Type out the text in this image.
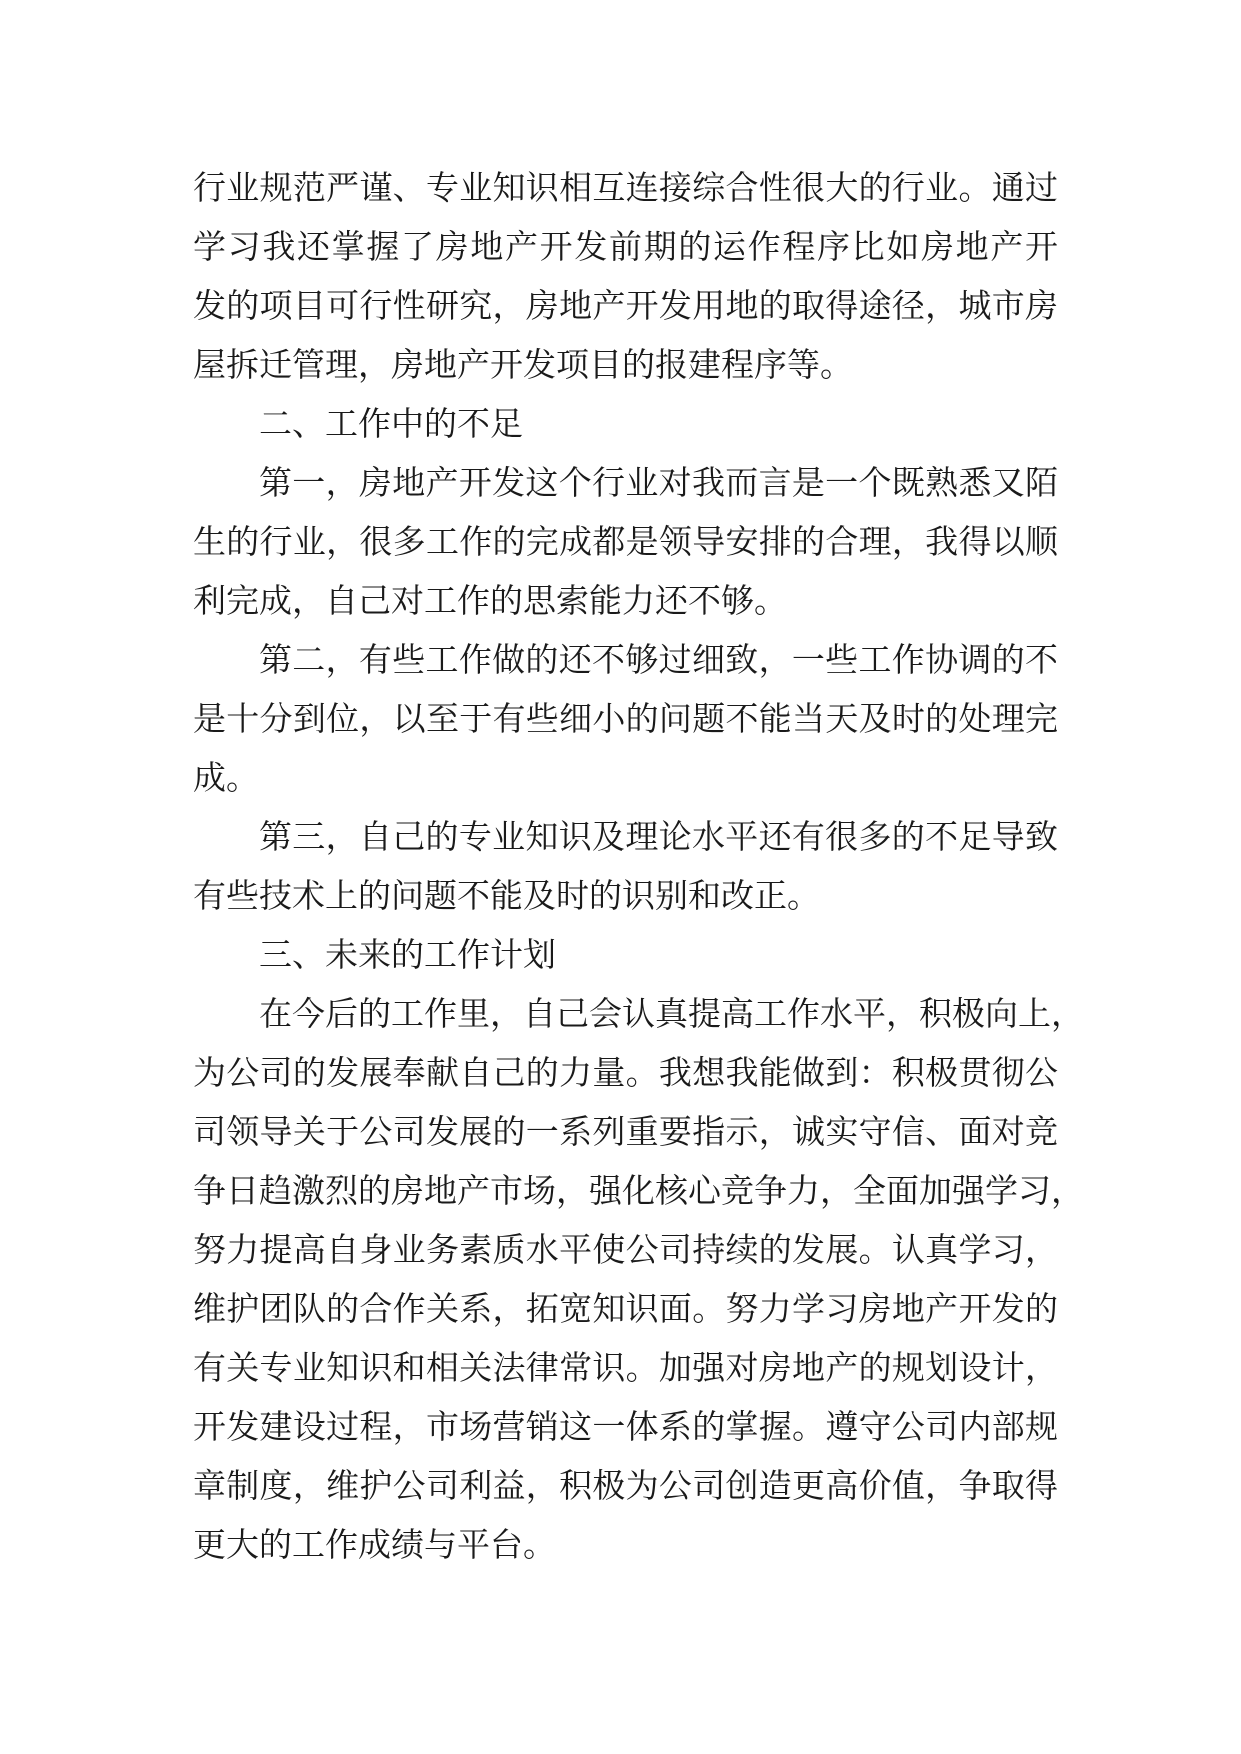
行业规范严谨、专业知识相互连接综合性很大的行业。通过
学习我还掌握了房地产开发前期的运作程序比如房地产开
发的项目可行性研究，房地产开发用地的取得途径，城市房
屋拆迁管理，房地产开发项目的报建程序等。
二、工作中的不足
第一，房地产开发这个行业对我而言是一个既熟悉又陌
生的行业，很多工作的完成都是领导安排的合理，我得以顺
利完成，自己对工作的思索能力还不够。
第二，有些工作做的还不够过细致，一些工作协调的不
是十分到位，以至于有些细小的问题不能当天及时的处理完
成。
第三，自己的专业知识及理论水平还有很多的不足导致
有些技术上的问题不能及时的识别和改正。
三、未来的工作计划
在今后的工作里，自己会认真提高工作水平，积极向上，
为公司的发展奉献自己的力量。我想我能做到：积极贯彻公
司领导关于公司发展的一系列重要指示，诚实守信、面对竞
争日趋激烈的房地产市场，强化核心竞争力，全面加强学习，
努力提高自身业务素质水平使公司持续的发展。认真学习，
维护团队的合作关系，拓宽知识面。努力学习房地产开发的
有关专业知识和相关法律常识。加强对房地产的规划设计，
开发建设过程，市场营销这一体系的掌握。遵守公司内部规
章制度，维护公司利益，积极为公司创造更高价值，争取得
更大的工作成绩与平台。
